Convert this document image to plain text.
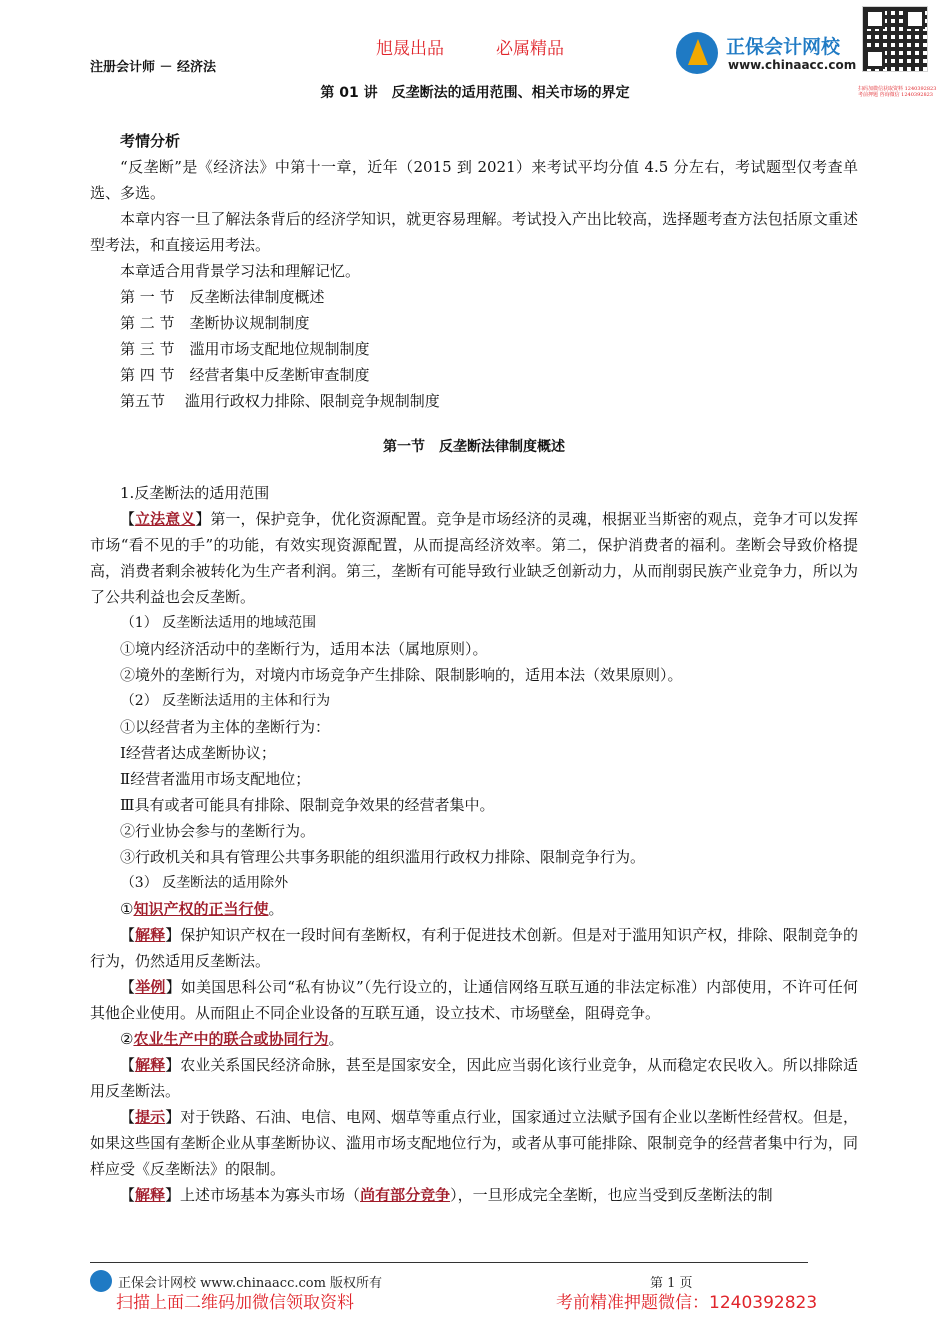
旭晟出品	必属精品
注册会计师 － 经济法
正保会计网校
www.chinaacc.com
扫码加微信获取资料 1240392823 考前押题 咨询微信 1240392823
第 01 讲　反垄断法的适用范围、相关市场的界定

考情分析

“反垄断”是《经济法》中第十一章，近年（2015 到 2021）来考试平均分值 4.5 分左右，考试题型仅考查单选、多选。

本章内容一旦了解法条背后的经济学知识，就更容易理解。考试投入产出比较高，选择题考查方法包括原文重述型考法，和直接运用考法。

本章适合用背景学习法和理解记忆。

第 一 节　反垄断法律制度概述

第 二 节　垄断协议规制制度

第 三 节　滥用市场支配地位规制制度

第 四 节　经营者集中反垄断审查制度

第五节　 滥用行政权力排除、限制竞争规制制度

第一节　反垄断法律制度概述

1.反垄断法的适用范围

【立法意义】第一，保护竞争，优化资源配置。竞争是市场经济的灵魂，根据亚当斯密的观点，竞争才可以发挥市场“看不见的手”的功能，有效实现资源配置，从而提高经济效率。第二，保护消费者的福利。垄断会导致价格提高，消费者剩余被转化为生产者利润。第三，垄断有可能导致行业缺乏创新动力，从而削弱民族产业竞争力，所以为了公共利益也会反垄断。

（1） 反垄断法适用的地域范围

①境内经济活动中的垄断行为，适用本法（属地原则）。

②境外的垄断行为，对境内市场竞争产生排除、限制影响的，适用本法（效果原则）。

（2） 反垄断法适用的主体和行为

①以经营者为主体的垄断行为：

Ⅰ经营者达成垄断协议；

Ⅱ经营者滥用市场支配地位；

Ⅲ具有或者可能具有排除、限制竞争效果的经营者集中。

②行业协会参与的垄断行为。

③行政机关和具有管理公共事务职能的组织滥用行政权力排除、限制竞争行为。

（3） 反垄断法的适用除外

①知识产权的正当行使。

【解释】保护知识产权在一段时间有垄断权，有利于促进技术创新。但是对于滥用知识产权，排除、限制竞争的行为，仍然适用反垄断法。

【举例】如美国思科公司“私有协议”（先行设立的，让通信网络互联互通的非法定标准）内部使用，不许可任何其他企业使用。从而阻止不同企业设备的互联互通，设立技术、市场壁垒，阻碍竞争。

②农业生产中的联合或协同行为。

【解释】农业关系国民经济命脉，甚至是国家安全，因此应当弱化该行业竞争，从而稳定农民收入。所以排除适用反垄断法。

【提示】对于铁路、石油、电信、电网、烟草等重点行业，国家通过立法赋予国有企业以垄断性经营权。但是，如果这些国有垄断企业从事垄断协议、滥用市场支配地位行为，或者从事可能排除、限制竞争的经营者集中行为，同样应受《反垄断法》的限制。

【解释】上述市场基本为寡头市场（尚有部分竞争），一旦形成完全垄断，也应当受到反垄断法的制

正保会计网校 www.chinaacc.com 版权所有	第 1 页
扫描上面二维码加微信领取资料	考前精准押题微信：1240392823
